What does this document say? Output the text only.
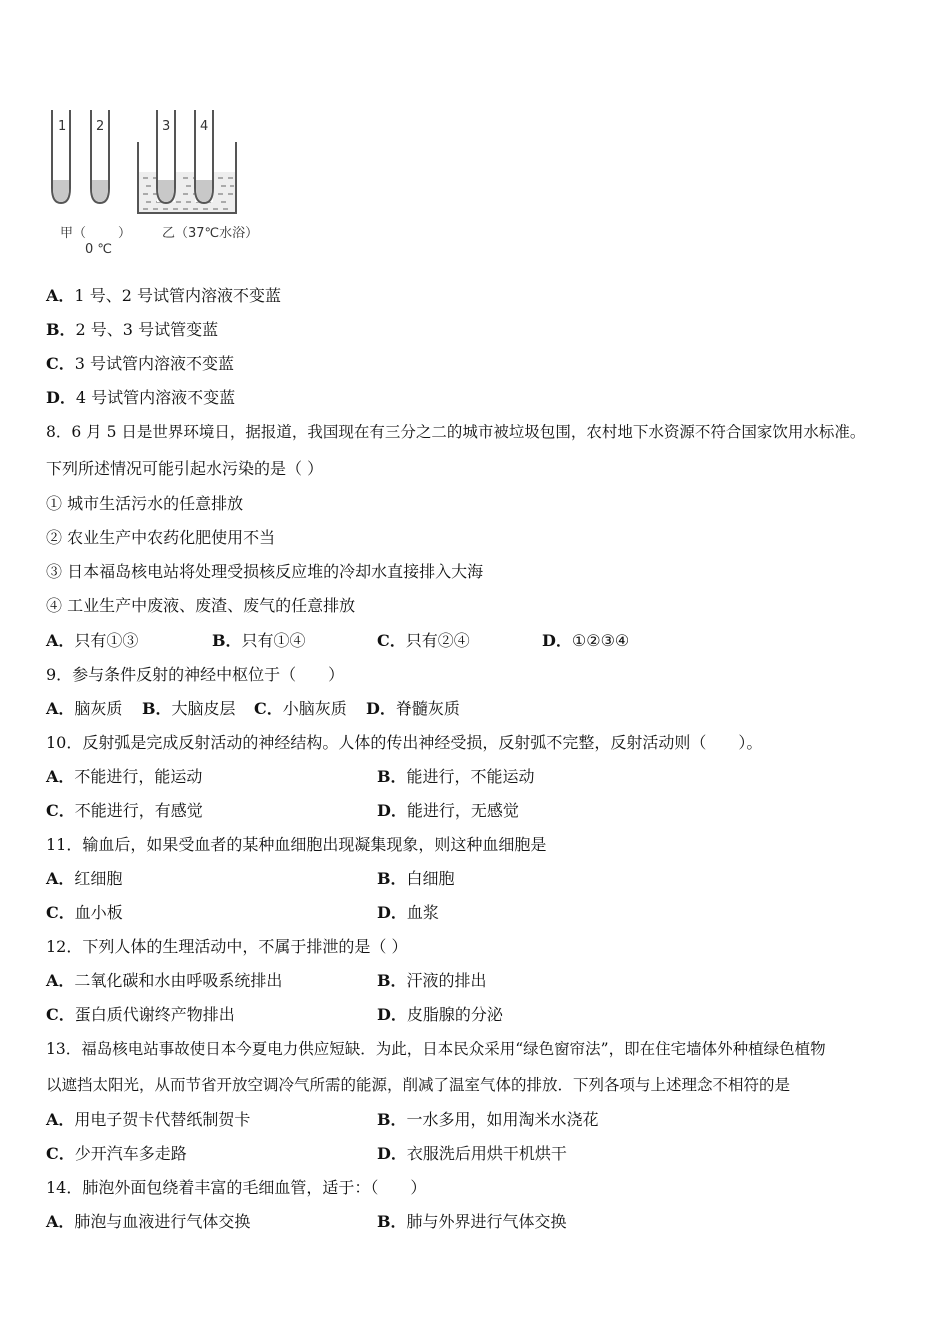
1 2	3 4
甲（ ）
0 ℃
乙（37℃水浴）
A．1 号、2 号试管内溶液不变蓝
B．2 号、3 号试管变蓝
C．3 号试管内溶液不变蓝
D．4 号试管内溶液不变蓝
8．6 月 5 日是世界环境日，据报道，我国现在有三分之二的城市被垃圾包围，农村地下水资源不符合国家饮用水标准。
下列所述情况可能引起水污染的是（ ）
① 城市生活污水的任意排放
② 农业生产中农药化肥使用不当
③ 日本福岛核电站将处理受损核反应堆的冷却水直接排入大海
④ 工业生产中废液、废渣、废气的任意排放
A．只有①③	B．只有①④	C．只有②④	D．①②③④
9．参与条件反射的神经中枢位于（　　）
A．脑灰质 B．大脑皮层 C．小脑灰质 D．脊髓灰质
10．反射弧是完成反射活动的神经结构。人体的传出神经受损，反射弧不完整，反射活动则（　　）。
A．不能进行，能运动	B．能进行，不能运动
C．不能进行，有感觉	D．能进行，无感觉
11．输血后，如果受血者的某种血细胞出现凝集现象，则这种血细胞是
A．红细胞	B．白细胞
C．血小板	D．血浆
12．下列人体的生理活动中，不属于排泄的是（ ）
A．二氧化碳和水由呼吸系统排出	B．汗液的排出
C．蛋白质代谢终产物排出	D．皮脂腺的分泌
13．福岛核电站事故使日本今夏电力供应短缺．为此，日本民众采用“绿色窗帘法”，即在住宅墙体外种植绿色植物
以遮挡太阳光，从而节省开放空调冷气所需的能源，削减了温室气体的排放．下列各项与上述理念不相符的是
A．用电子贺卡代替纸制贺卡	B．一水多用，如用淘米水浇花
C．少开汽车多走路	D．衣服洗后用烘干机烘干
14．肺泡外面包绕着丰富的毛细血管，适于：（　　）
A．肺泡与血液进行气体交换	B．肺与外界进行气体交换
